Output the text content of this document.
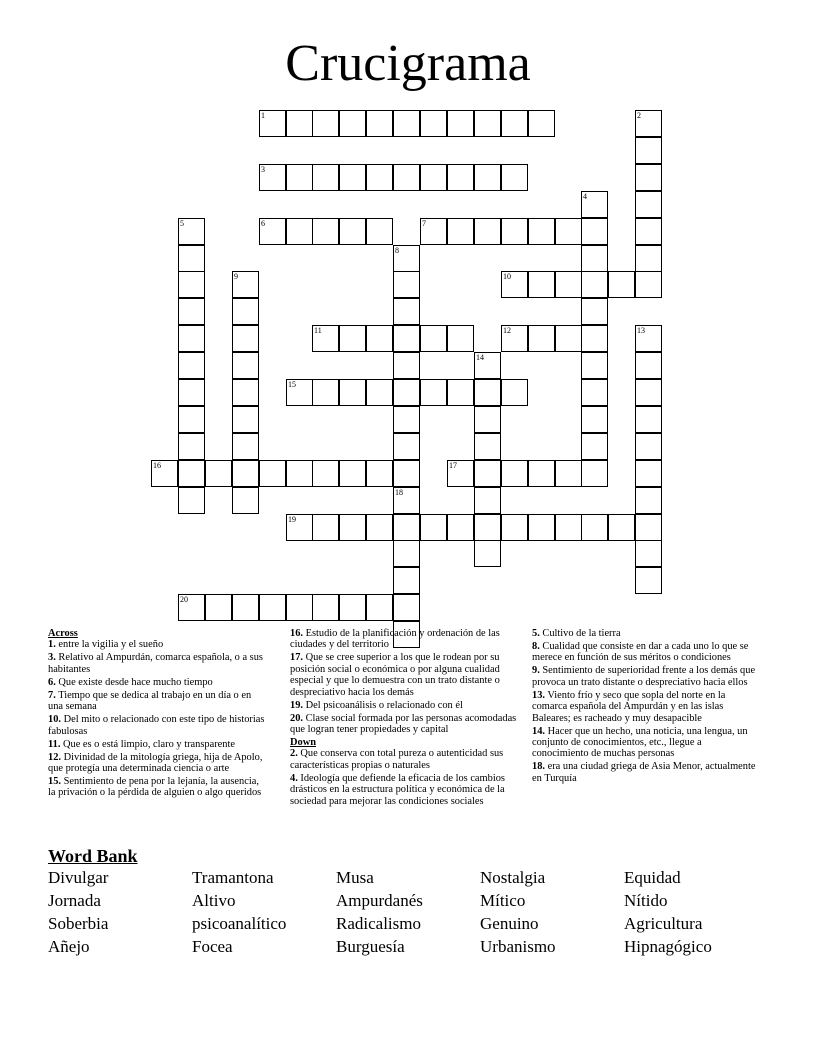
Crucigrama
1	2
3
4
5	6	7
8
9	10
11	12	13
14
15
16	17
18
19
20
Across
1. entre la vigilia y el sueño
3. Relativo al Ampurdán, comarca española, o a sus habitantes
6. Que existe desde hace mucho tiempo
7. Tiempo que se dedica al trabajo en un día o en una semana
10. Del mito o relacionado con este tipo de historias fabulosas
11. Que es o está limpio, claro y transparente
12. Divinidad de la mitología griega, hija de Apolo, que protegía una determinada ciencia o arte
15. Sentimiento de pena por la lejanía, la ausencia, la privación o la pérdida de alguien o algo queridos
16. Estudio de la planificación y ordenación de las ciudades y del territorio
17. Que se cree superior a los que le rodean por su posición social o económica o por alguna cualidad especial y que lo demuestra con un trato distante o despreciativo hacia los demás
19. Del psicoanálisis o relacionado con él
20. Clase social formada por las personas acomodadas que logran tener propiedades y capital
Down
2. Que conserva con total pureza o autenticidad sus características propias o naturales
4. Ideología que defiende la eficacia de los cambios drásticos en la estructura política y económica de la sociedad para mejorar las condiciones sociales
5. Cultivo de la tierra
8. Cualidad que consiste en dar a cada uno lo que se merece en función de sus méritos o condiciones
9. Sentimiento de superioridad frente a los demás que provoca un trato distante o despreciativo hacia ellos
13. Viento frío y seco que sopla del norte en la comarca española del Ampurdán y en las islas Baleares; es racheado y muy desapacible
14. Hacer que un hecho, una noticia, una lengua, un conjunto de conocimientos, etc., llegue a conocimiento de muchas personas
18. era una ciudad griega de Asia Menor, actualmente en Turquía
Word Bank
Divulgar	Tramantona	Musa	Nostalgia	Equidad
Jornada	Altivo	Ampurdanés	Mítico	Nítido
Soberbia	psicoanalítico	Radicalismo	Genuino	Agricultura
Añejo	Focea	Burguesía	Urbanismo	Hipnagógico
